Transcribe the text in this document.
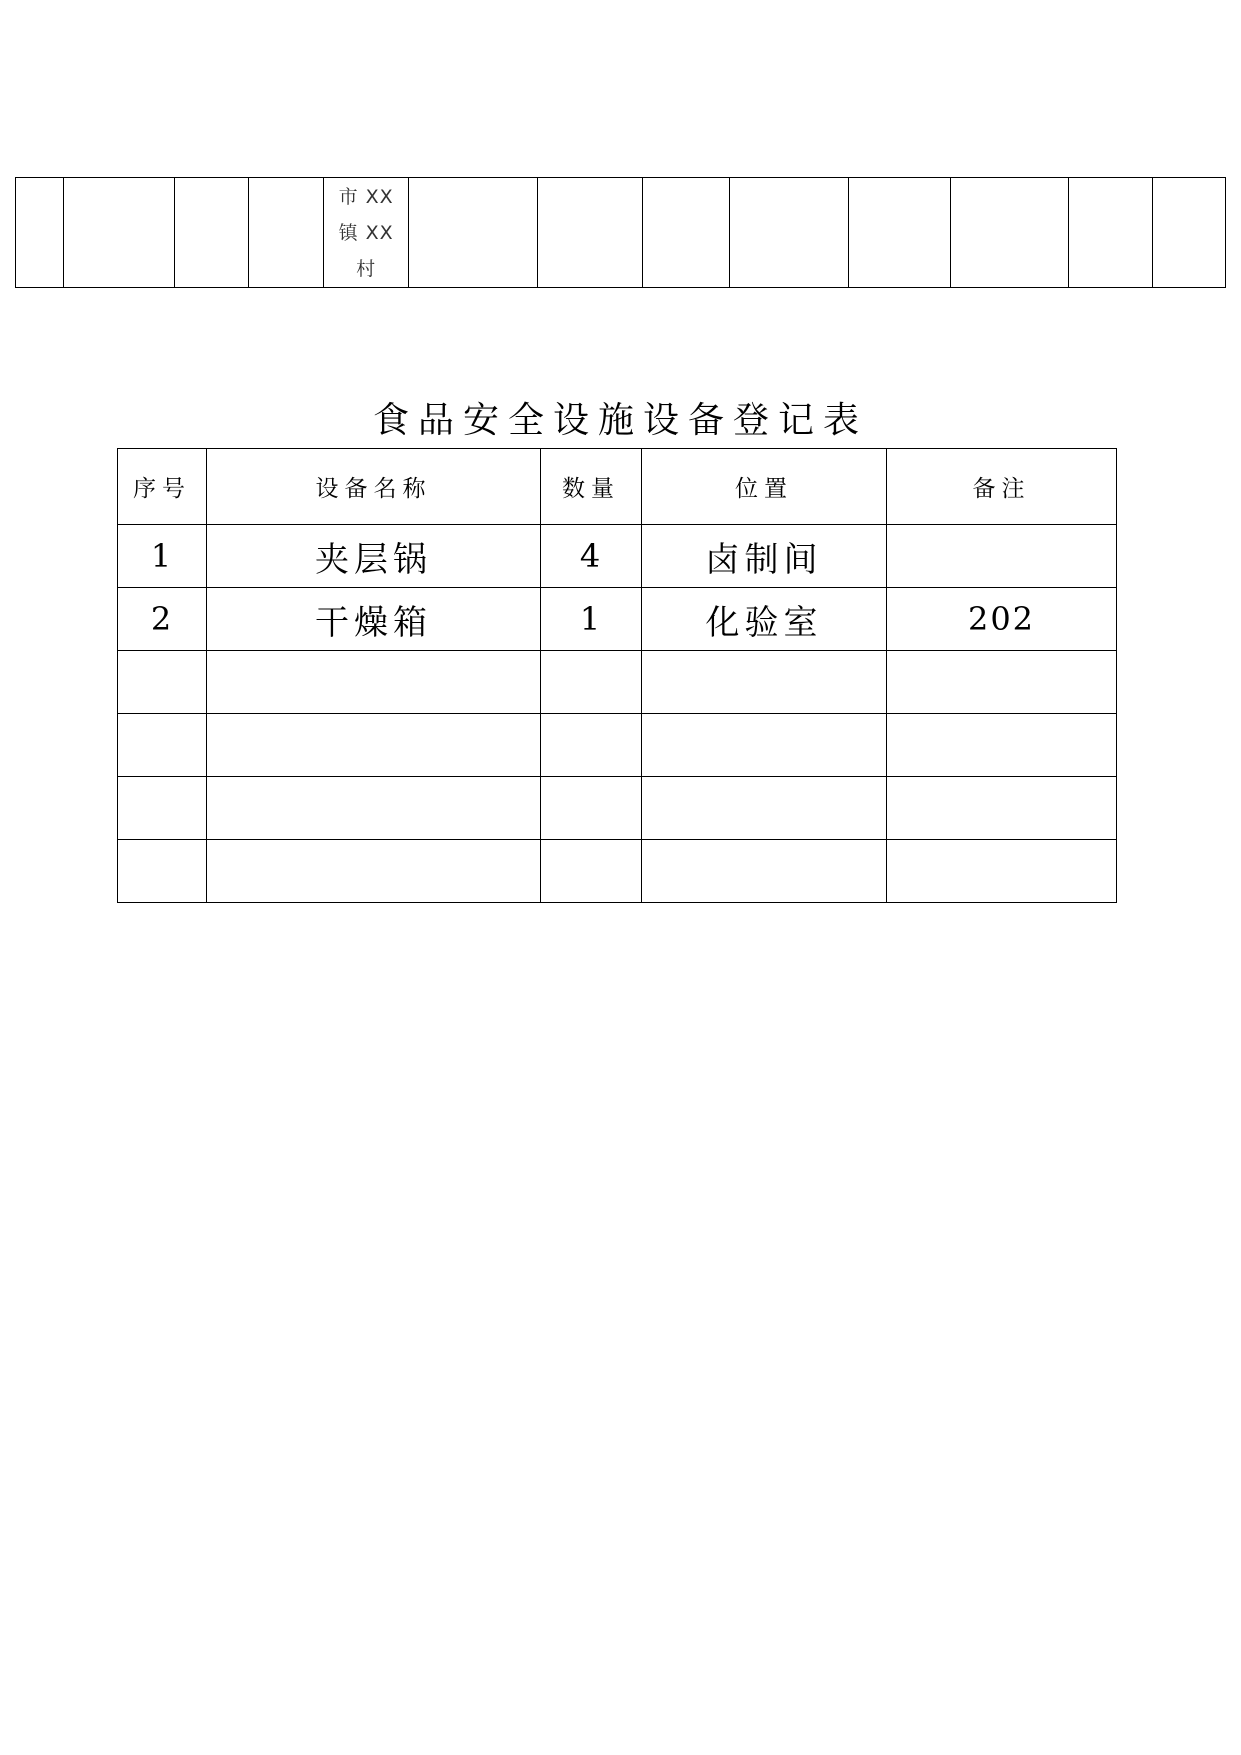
市 XX
镇 XX
村

食品安全设施设备登记表
序号	设备名称	数量	位置	备注
1	夹层锅	4	卤制间	
2	干燥箱	1	化验室	202
